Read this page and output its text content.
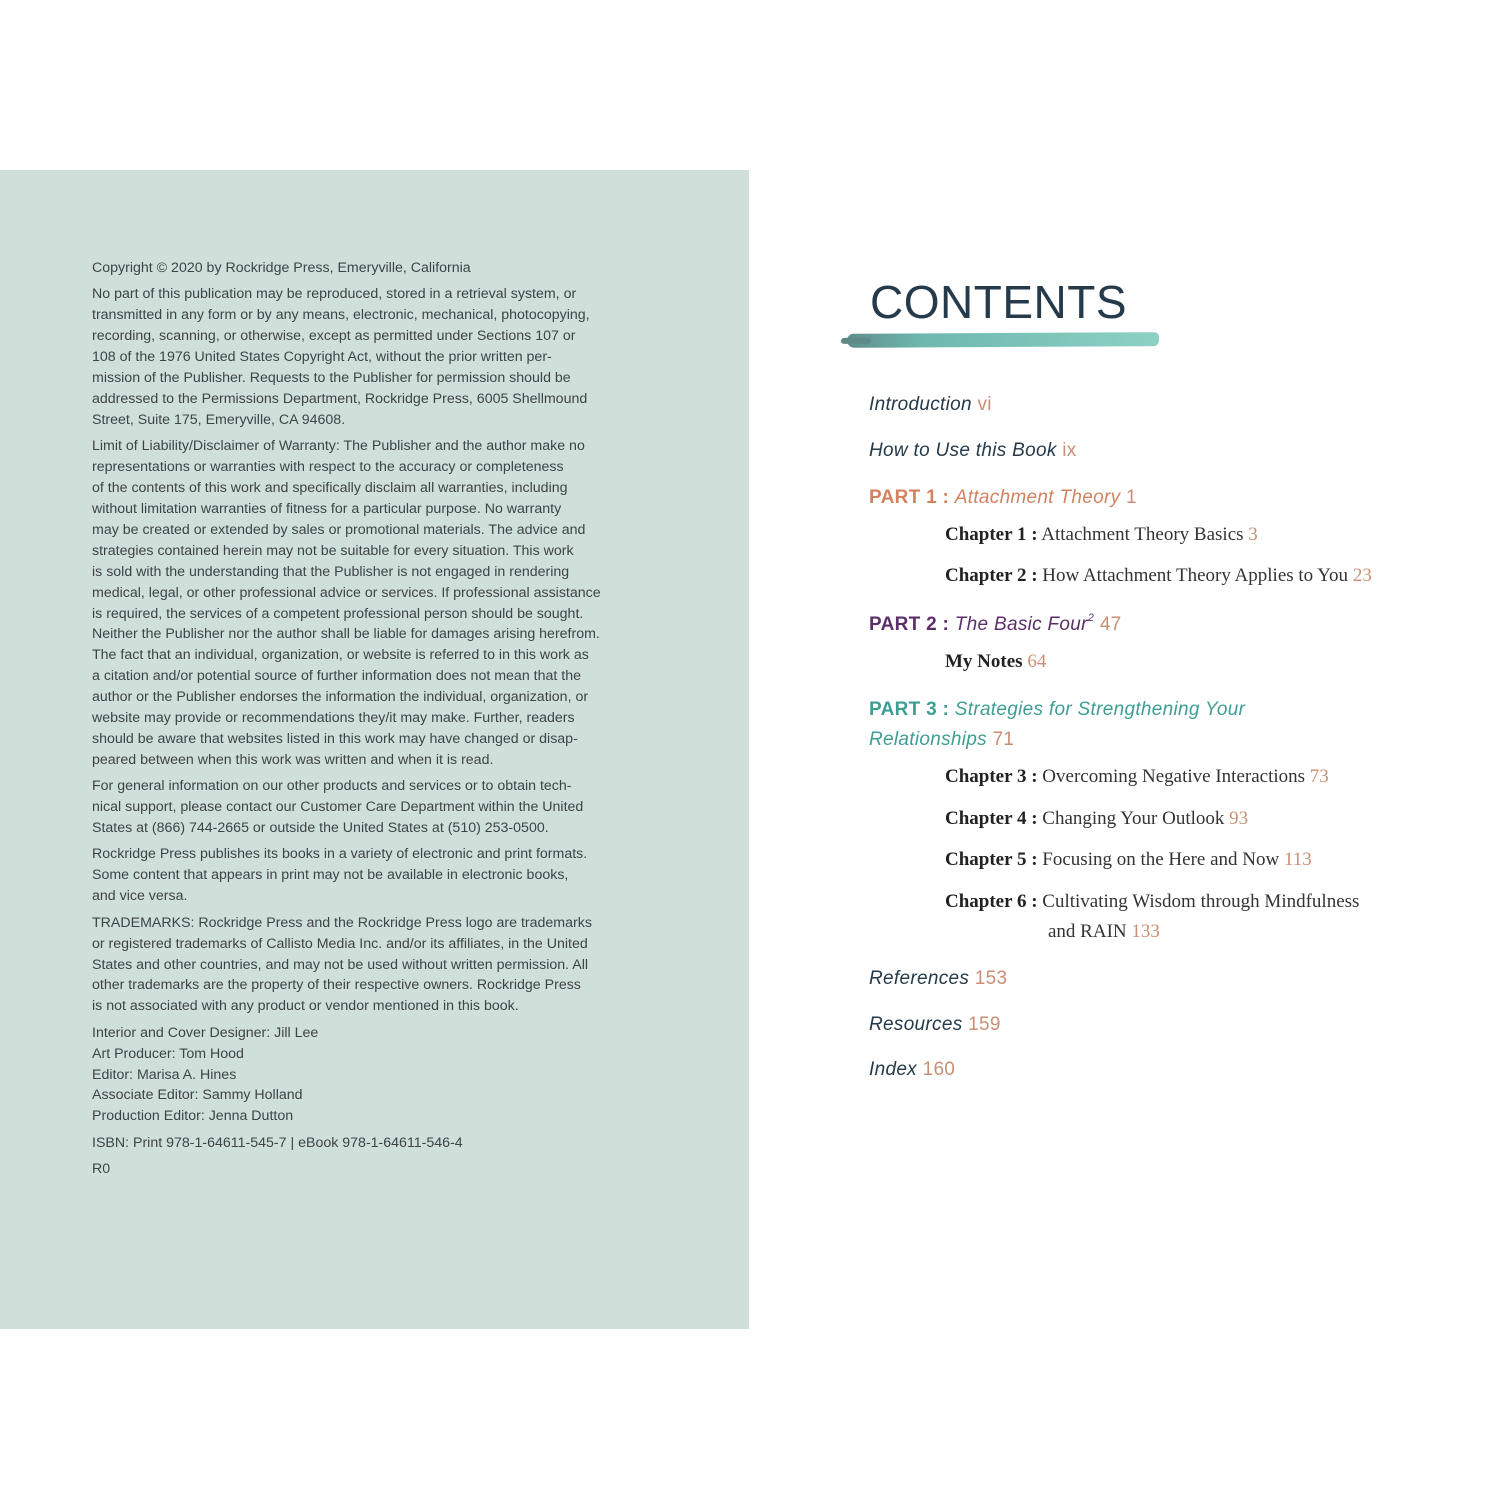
Copyright © 2020 by Rockridge Press, Emeryville, California

No part of this publication may be reproduced, stored in a retrieval system, or
transmitted in any form or by any means, electronic, mechanical, photocopying,
recording, scanning, or otherwise, except as permitted under Sections 107 or
108 of the 1976 United States Copyright Act, without the prior written per-
mission of the Publisher. Requests to the Publisher for permission should be
addressed to the Permissions Department, Rockridge Press, 6005 Shellmound
Street, Suite 175, Emeryville, CA 94608.

Limit of Liability/Disclaimer of Warranty: The Publisher and the author make no
representations or warranties with respect to the accuracy or completeness
of the contents of this work and specifically disclaim all warranties, including
without limitation warranties of fitness for a particular purpose. No warranty
may be created or extended by sales or promotional materials. The advice and
strategies contained herein may not be suitable for every situation. This work
is sold with the understanding that the Publisher is not engaged in rendering
medical, legal, or other professional advice or services. If professional assistance
is required, the services of a competent professional person should be sought.
Neither the Publisher nor the author shall be liable for damages arising herefrom.
The fact that an individual, organization, or website is referred to in this work as
a citation and/or potential source of further information does not mean that the
author or the Publisher endorses the information the individual, organization, or
website may provide or recommendations they/it may make. Further, readers
should be aware that websites listed in this work may have changed or disap-
peared between when this work was written and when it is read.

For general information on our other products and services or to obtain tech-
nical support, please contact our Customer Care Department within the United
States at (866) 744-2665 or outside the United States at (510) 253-0500.

Rockridge Press publishes its books in a variety of electronic and print formats.
Some content that appears in print may not be available in electronic books,
and vice versa.

TRADEMARKS: Rockridge Press and the Rockridge Press logo are trademarks
or registered trademarks of Callisto Media Inc. and/or its affiliates, in the United
States and other countries, and may not be used without written permission. All
other trademarks are the property of their respective owners. Rockridge Press
is not associated with any product or vendor mentioned in this book.

Interior and Cover Designer: Jill Lee
Art Producer: Tom Hood
Editor: Marisa A. Hines
Associate Editor: Sammy Holland
Production Editor: Jenna Dutton

ISBN: Print 978-1-64611-545-7 | eBook 978-1-64611-546-4

R0

CONTENTS
Introduction vi
How to Use this Book ix
PART 1 : Attachment Theory 1
Chapter 1 : Attachment Theory Basics 3
Chapter 2 : How Attachment Theory Applies to You 23
PART 2 : The Basic Four$^2$ 47
My Notes 64
PART 3 : Strategies for Strengthening Your
Relationships 71
Chapter 3 : Overcoming Negative Interactions 73
Chapter 4 : Changing Your Outlook 93
Chapter 5 : Focusing on the Here and Now 113
Chapter 6 : Cultivating Wisdom through Mindfulness
and RAIN 133
References 153
Resources 159
Index 160
